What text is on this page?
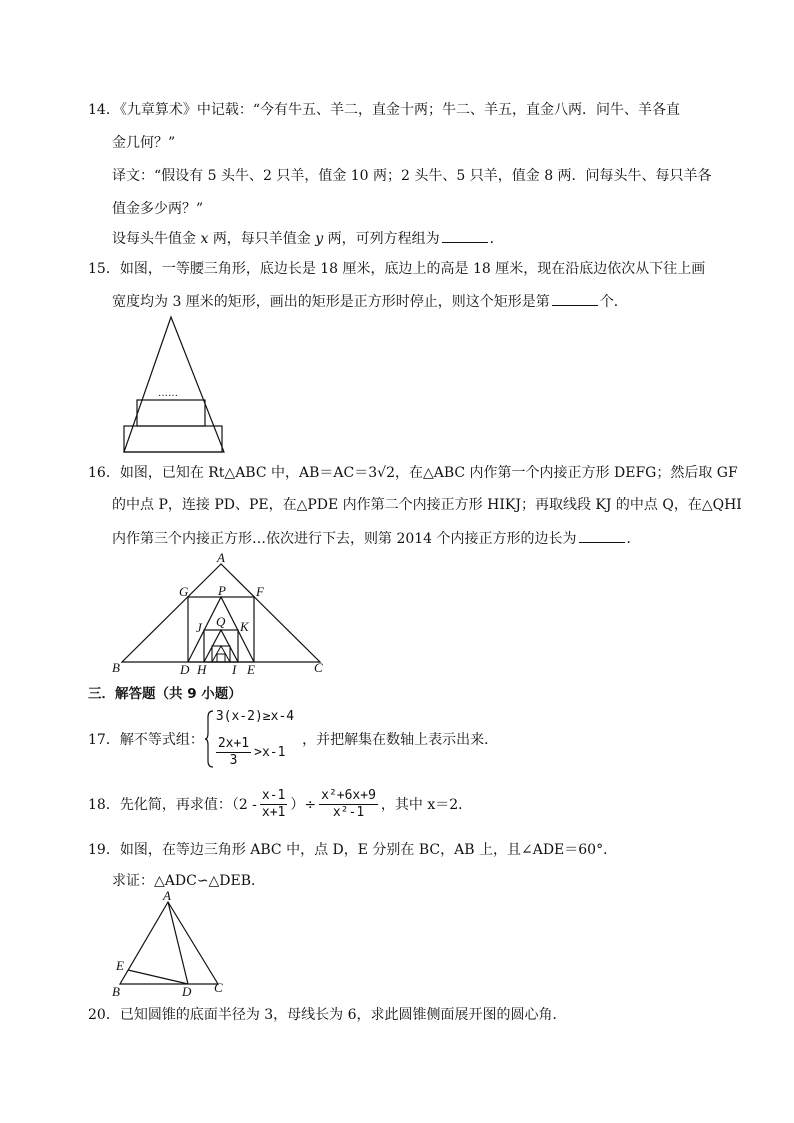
14．《九章算术》中记载：“今有牛五、羊二，直金十两；牛二、羊五，直金八两．问牛、羊各直
金几何？”
译文：“假设有 5 头牛、2 只羊，值金 10 两；2 头牛、5 只羊，值金 8 两．问每头牛、每只羊各
值金多少两？”
设每头牛值金 x 两，每只羊值金 y 两，可列方程组为	．
15．如图，一等腰三角形，底边长是 18 厘米，底边上的高是 18 厘米，现在沿底边依次从下往上画
宽度均为 3 厘米的矩形，画出的矩形是正方形时停止，则这个矩形是第	个．
……
16．如图，已知在 Rt△ABC 中，AB＝AC＝3√2，在△ABC 内作第一个内接正方形 DEFG；然后取 GF
的中点 P，连接 PD、PE，在△PDE 内作第二个内接正方形 HIKJ；再取线段 KJ 的中点 Q，在△QHI
内作第三个内接正方形…依次进行下去，则第 2014 个内接正方形的边长为	．
A
B	C
G P F
Q
J	K
D H I E
三．解答题（共 9 小题）
17．解不等式组：
3(x-2)≥x-4
$\frac{2x+1}{3} >x-1$
，并把解集在数轴上表示出来．
18．先化简，再求值：（$2 - \frac{x-1}{x+1}$ ）÷ $\frac{\text{x²+6x+9}}{\text{x²-1}}$ ，其中 x＝2．
19．如图，在等边三角形 ABC 中，点 D，E 分别在 BC，AB 上，且∠ADE＝60°．
求证：△ADC∽△DEB．
A
E
B	D C
20．已知圆锥的底面半径为 3，母线长为 6，求此圆锥侧面展开图的圆心角．
